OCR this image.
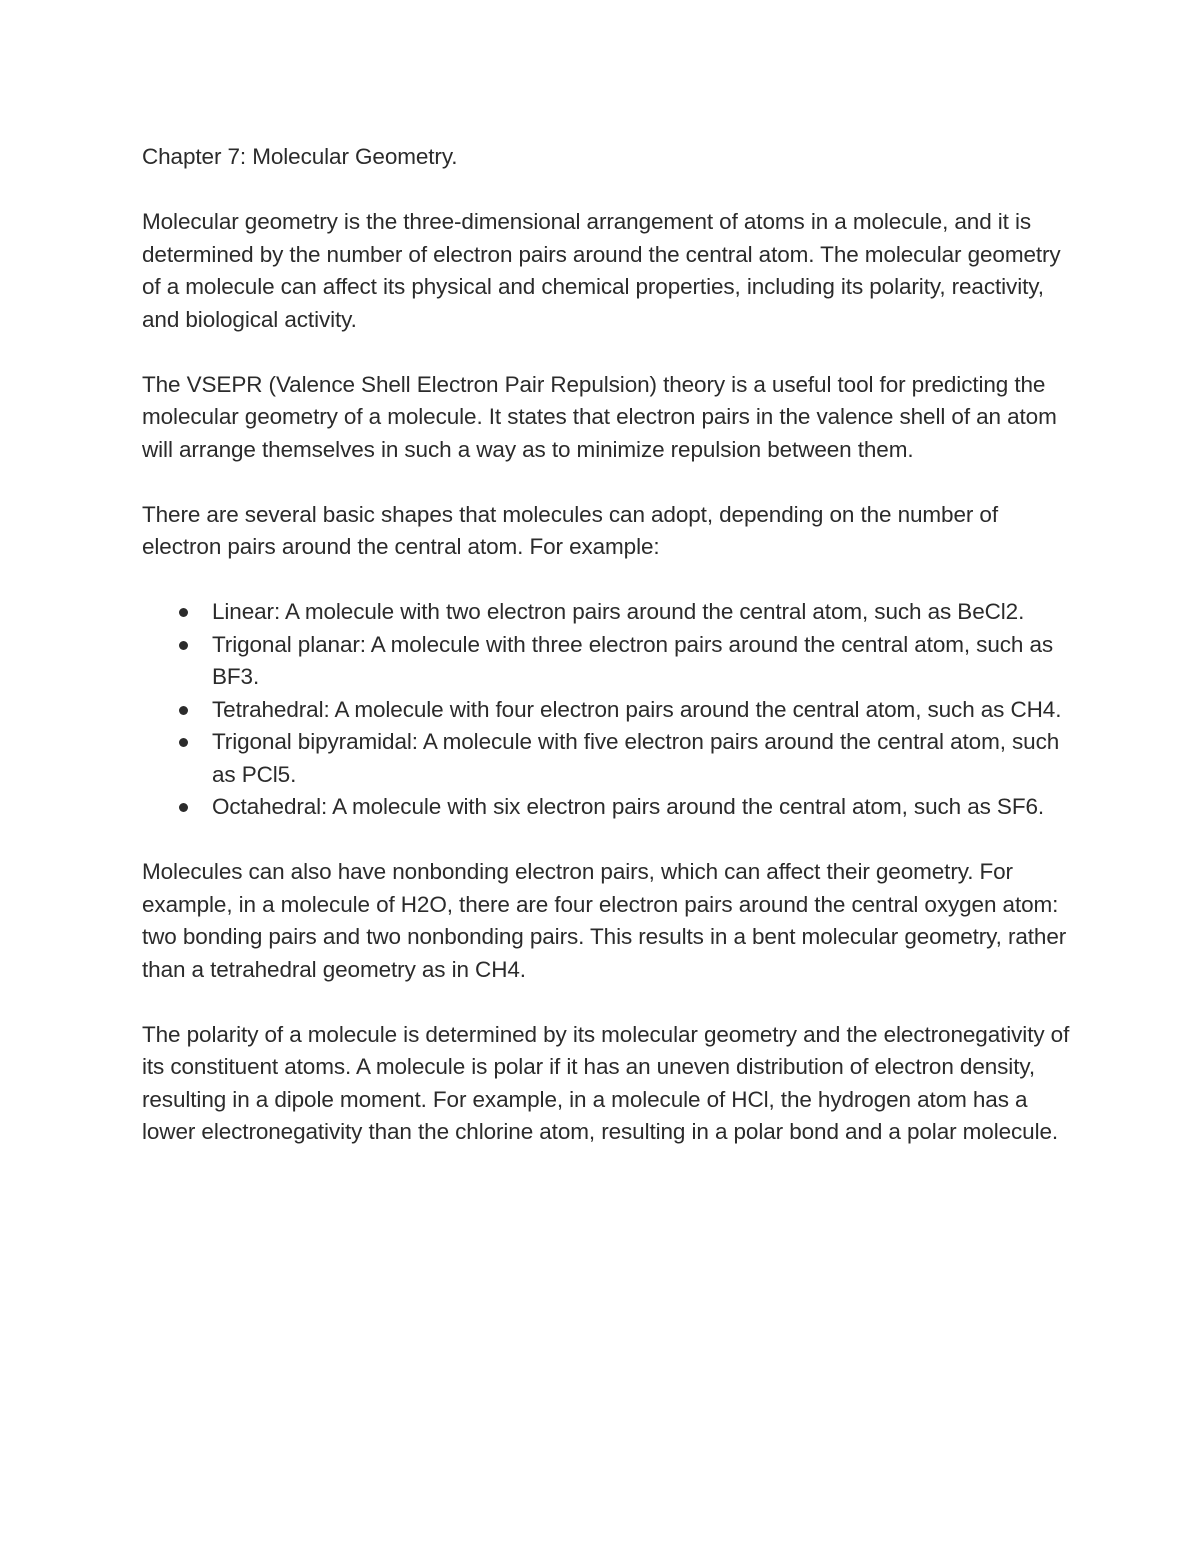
Chapter 7: Molecular Geometry.

Molecular geometry is the three-dimensional arrangement of atoms in a molecule, and it is determined by the number of electron pairs around the central atom. The molecular geometry of a molecule can affect its physical and chemical properties, including its polarity, reactivity, and biological activity.

The VSEPR (Valence Shell Electron Pair Repulsion) theory is a useful tool for predicting the molecular geometry of a molecule. It states that electron pairs in the valence shell of an atom will arrange themselves in such a way as to minimize repulsion between them.

There are several basic shapes that molecules can adopt, depending on the number of electron pairs around the central atom. For example:

Linear: A molecule with two electron pairs around the central atom, such as BeCl2.
Trigonal planar: A molecule with three electron pairs around the central atom, such as BF3.
Tetrahedral: A molecule with four electron pairs around the central atom, such as CH4.
Trigonal bipyramidal: A molecule with five electron pairs around the central atom, such as PCl5.
Octahedral: A molecule with six electron pairs around the central atom, such as SF6.

Molecules can also have nonbonding electron pairs, which can affect their geometry. For example, in a molecule of H2O, there are four electron pairs around the central oxygen atom: two bonding pairs and two nonbonding pairs. This results in a bent molecular geometry, rather than a tetrahedral geometry as in CH4.

The polarity of a molecule is determined by its molecular geometry and the electronegativity of its constituent atoms. A molecule is polar if it has an uneven distribution of electron density, resulting in a dipole moment. For example, in a molecule of HCl, the hydrogen atom has a lower electronegativity than the chlorine atom, resulting in a polar bond and a polar molecule.
